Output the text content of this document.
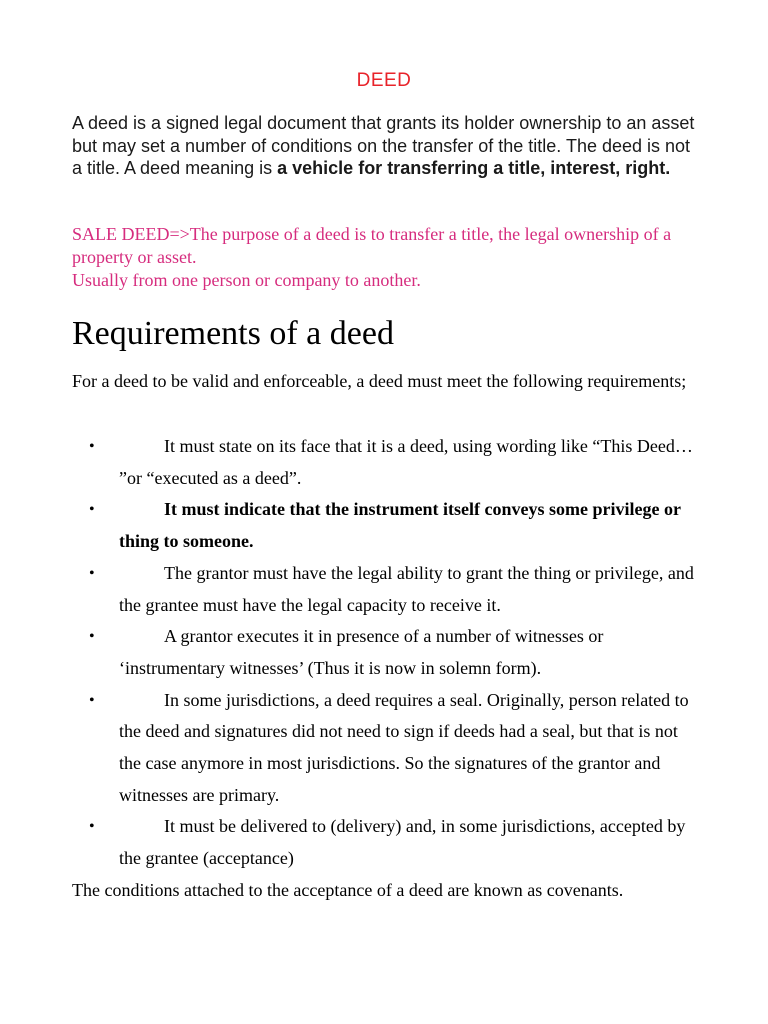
DEED

A deed is a signed legal document that grants its holder ownership to an asset but may set a number of conditions on the transfer of the title. The deed is not a title. A deed meaning is a vehicle for transferring a title, interest, right.

SALE DEED=>The purpose of a deed is to transfer a title, the legal ownership of a property or asset.
Usually from one person or company to another.

Requirements of a deed

For a deed to be valid and enforceable, a deed must meet the following requirements;

•	It must state on its face that it is a deed, using wording like “This Deed… ”or “executed as a deed”.
•	It must indicate that the instrument itself conveys some privilege or thing to someone.
•	The grantor must have the legal ability to grant the thing or privilege, and the grantee must have the legal capacity to receive it.
•	A grantor executes it in presence of a number of witnesses or ‘instrumentary witnesses’ (Thus it is now in solemn form).
•	In some jurisdictions, a deed requires a seal. Originally, person related to the deed and signatures did not need to sign if deeds had a seal, but that is not the case anymore in most jurisdictions. So the signatures of the grantor and witnesses are primary.
•	It must be delivered to (delivery) and, in some jurisdictions, accepted by the grantee (acceptance)

The conditions attached to the acceptance of a deed are known as covenants.
